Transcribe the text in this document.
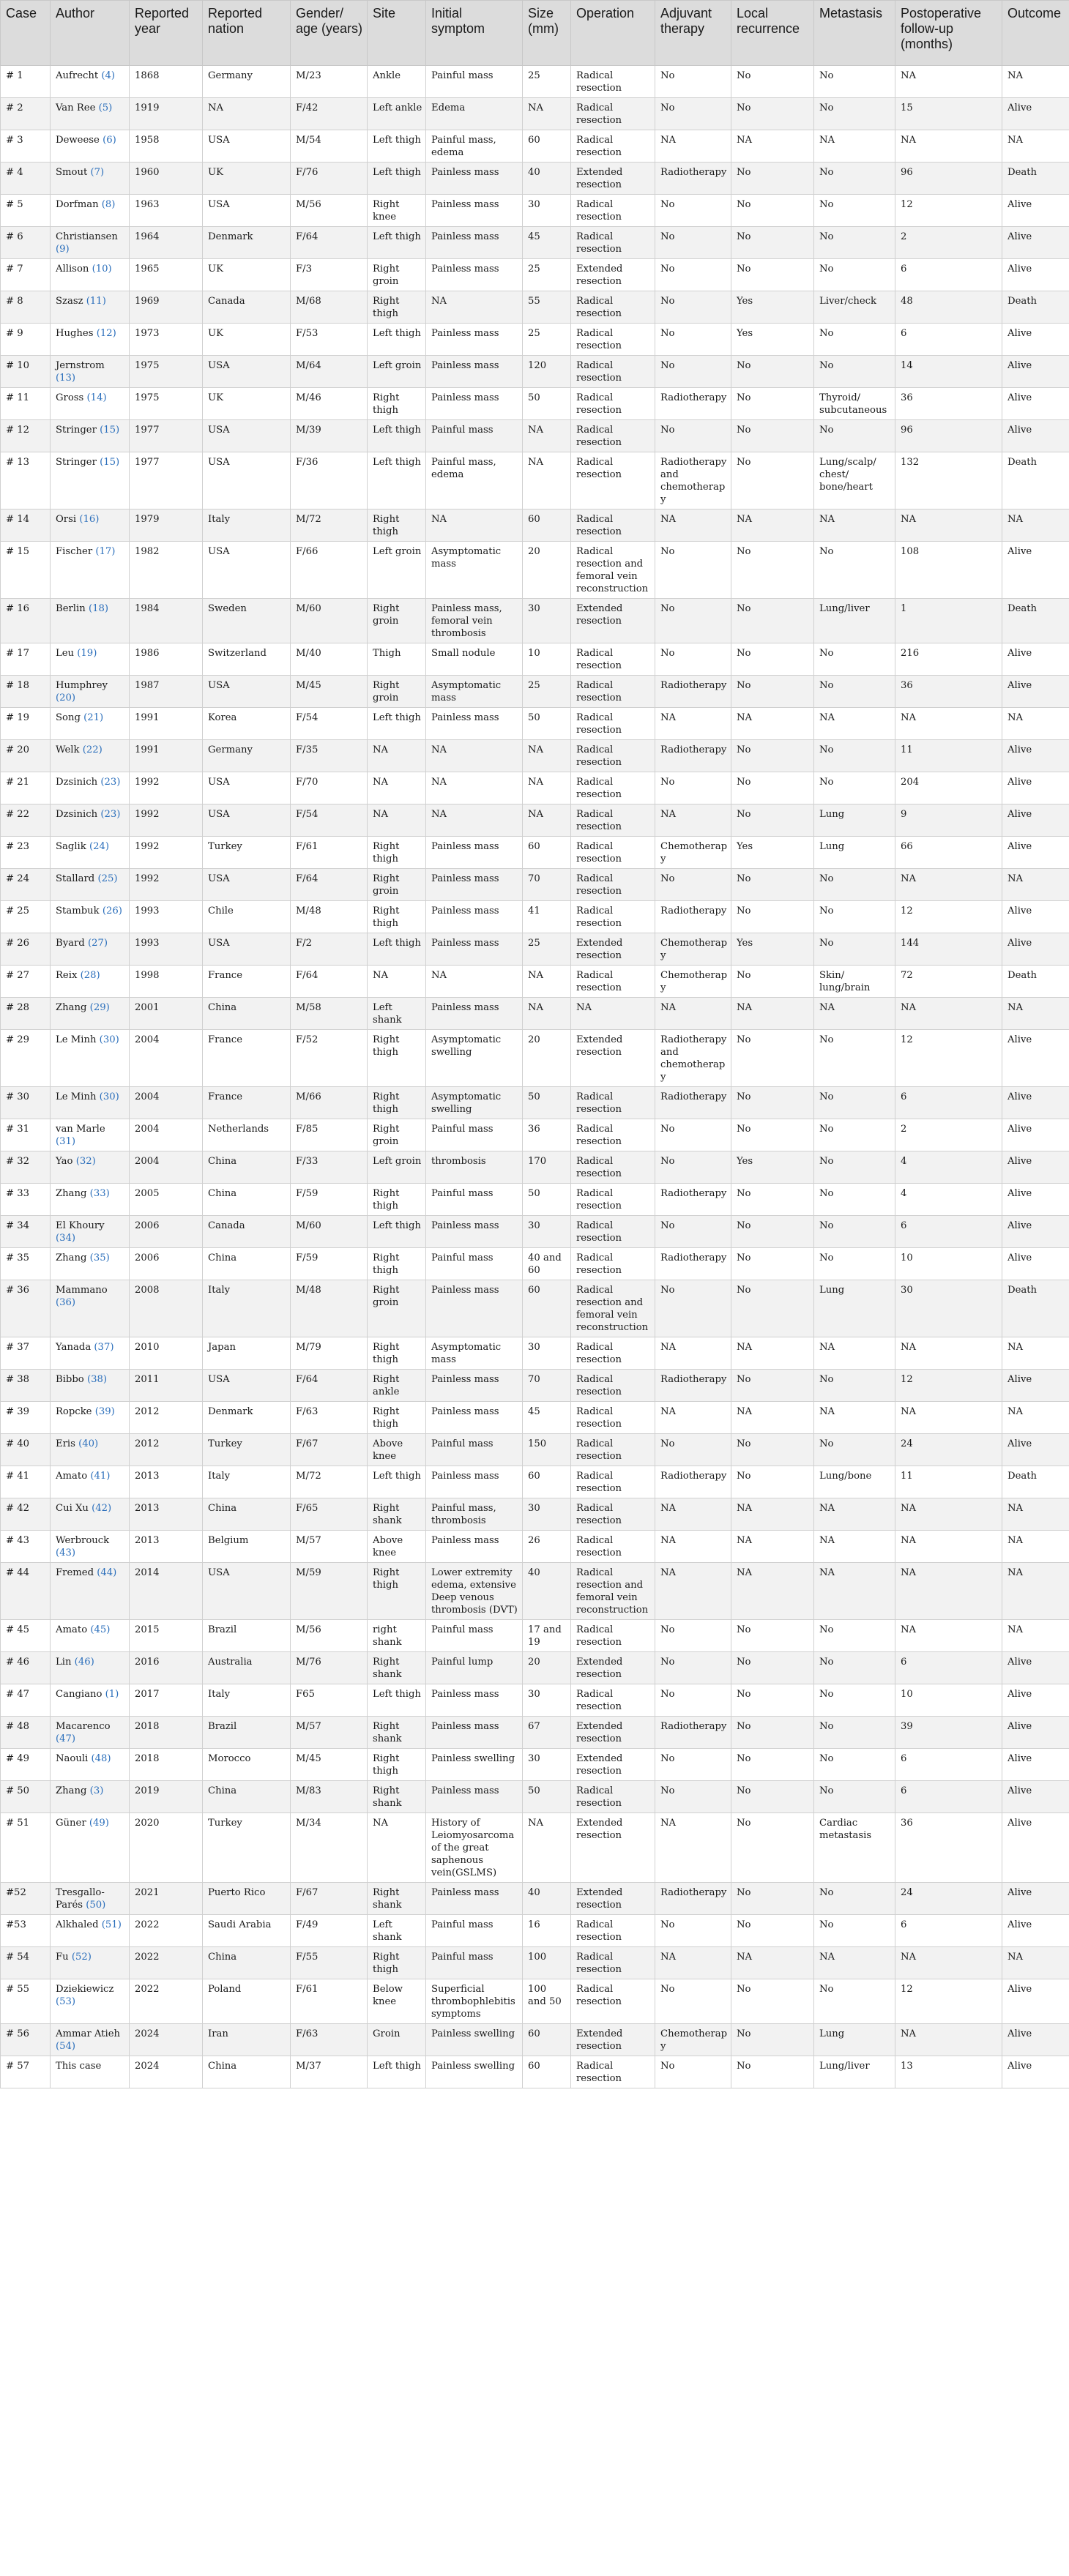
Case	Author	Reported year	Reported nation	Gender/ age (years)	Site	Initial symptom	Size (mm)	Operation	Adjuvant therapy	Local recurrence	Metastasis	Postoperative follow-up (months)	Outcome
# 1	Aufrecht (4)	1868	Germany	M/23	Ankle	Painful mass	25	Radical resection	No	No	No	NA	NA
# 2	Van Ree (5)	1919	NA	F/42	Left ankle	Edema	NA	Radical resection	No	No	No	15	Alive
# 3	Deweese (6)	1958	USA	M/54	Left thigh	Painful mass, edema	60	Radical resection	NA	NA	NA	NA	NA
# 4	Smout (7)	1960	UK	F/76	Left thigh	Painless mass	40	Extended resection	Radiotherapy	No	No	96	Death
# 5	Dorfman (8)	1963	USA	M/56	Right knee	Painless mass	30	Radical resection	No	No	No	12	Alive
# 6	Christiansen (9)	1964	Denmark	F/64	Left thigh	Painless mass	45	Radical resection	No	No	No	2	Alive
# 7	Allison (10)	1965	UK	F/3	Right groin	Painless mass	25	Extended resection	No	No	No	6	Alive
# 8	Szasz (11)	1969	Canada	M/68	Right thigh	NA	55	Radical resection	No	Yes	Liver/check	48	Death
# 9	Hughes (12)	1973	UK	F/53	Left thigh	Painless mass	25	Radical resection	No	Yes	No	6	Alive
# 10	Jernstrom (13)	1975	USA	M/64	Left groin	Painless mass	120	Radical resection	No	No	No	14	Alive
# 11	Gross (14)	1975	UK	M/46	Right thigh	Painless mass	50	Radical resection	Radiotherapy	No	Thyroid/ subcutaneous	36	Alive
# 12	Stringer (15)	1977	USA	M/39	Left thigh	Painful mass	NA	Radical resection	No	No	No	96	Alive
# 13	Stringer (15)	1977	USA	F/36	Left thigh	Painful mass, edema	NA	Radical resection	Radiotherapy and chemotherapy	No	Lung/scalp/ chest/ bone/heart	132	Death
# 14	Orsi (16)	1979	Italy	M/72	Right thigh	NA	60	Radical resection	NA	NA	NA	NA	NA
# 15	Fischer (17)	1982	USA	F/66	Left groin	Asymptomatic mass	20	Radical resection and femoral vein reconstruction	No	No	No	108	Alive
# 16	Berlin (18)	1984	Sweden	M/60	Right groin	Painless mass, femoral vein thrombosis	30	Extended resection	No	No	Lung/liver	1	Death
# 17	Leu (19)	1986	Switzerland	M/40	Thigh	Small nodule	10	Radical resection	No	No	No	216	Alive
# 18	Humphrey (20)	1987	USA	M/45	Right groin	Asymptomatic mass	25	Radical resection	Radiotherapy	No	No	36	Alive
# 19	Song (21)	1991	Korea	F/54	Left thigh	Painless mass	50	Radical resection	NA	NA	NA	NA	NA
# 20	Welk (22)	1991	Germany	F/35	NA	NA	NA	Radical resection	Radiotherapy	No	No	11	Alive
# 21	Dzsinich (23)	1992	USA	F/70	NA	NA	NA	Radical resection	No	No	No	204	Alive
# 22	Dzsinich (23)	1992	USA	F/54	NA	NA	NA	Radical resection	NA	No	Lung	9	Alive
# 23	Saglik (24)	1992	Turkey	F/61	Right thigh	Painless mass	60	Radical resection	Chemotherapy	Yes	Lung	66	Alive
# 24	Stallard (25)	1992	USA	F/64	Right groin	Painless mass	70	Radical resection	No	No	No	NA	NA
# 25	Stambuk (26)	1993	Chile	M/48	Right thigh	Painless mass	41	Radical resection	Radiotherapy	No	No	12	Alive
# 26	Byard (27)	1993	USA	F/2	Left thigh	Painless mass	25	Extended resection	Chemotherapy	Yes	No	144	Alive
# 27	Reix (28)	1998	France	F/64	NA	NA	NA	Radical resection	Chemotherapy	No	Skin/ lung/brain	72	Death
# 28	Zhang (29)	2001	China	M/58	Left shank	Painless mass	NA	NA	NA	NA	NA	NA	NA
# 29	Le Minh (30)	2004	France	F/52	Right thigh	Asymptomatic swelling	20	Extended resection	Radiotherapy and chemotherapy	No	No	12	Alive
# 30	Le Minh (30)	2004	France	M/66	Right thigh	Asymptomatic swelling	50	Radical resection	Radiotherapy	No	No	6	Alive
# 31	van Marle (31)	2004	Netherlands	F/85	Right groin	Painful mass	36	Radical resection	No	No	No	2	Alive
# 32	Yao (32)	2004	China	F/33	Left groin	thrombosis	170	Radical resection	No	Yes	No	4	Alive
# 33	Zhang (33)	2005	China	F/59	Right thigh	Painful mass	50	Radical resection	Radiotherapy	No	No	4	Alive
# 34	El Khoury (34)	2006	Canada	M/60	Left thigh	Painless mass	30	Radical resection	No	No	No	6	Alive
# 35	Zhang (35)	2006	China	F/59	Right thigh	Painful mass	40 and 60	Radical resection	Radiotherapy	No	No	10	Alive
# 36	Mammano (36)	2008	Italy	M/48	Right groin	Painless mass	60	Radical resection and femoral vein reconstruction	No	No	Lung	30	Death
# 37	Yanada (37)	2010	Japan	M/79	Right thigh	Asymptomatic mass	30	Radical resection	NA	NA	NA	NA	NA
# 38	Bibbo (38)	2011	USA	F/64	Right ankle	Painless mass	70	Radical resection	Radiotherapy	No	No	12	Alive
# 39	Ropcke (39)	2012	Denmark	F/63	Right thigh	Painless mass	45	Radical resection	NA	NA	NA	NA	NA
# 40	Eris (40)	2012	Turkey	F/67	Above knee	Painful mass	150	Radical resection	No	No	No	24	Alive
# 41	Amato (41)	2013	Italy	M/72	Left thigh	Painless mass	60	Radical resection	Radiotherapy	No	Lung/bone	11	Death
# 42	Cui Xu (42)	2013	China	F/65	Right shank	Painful mass, thrombosis	30	Radical resection	NA	NA	NA	NA	NA
# 43	Werbrouck (43)	2013	Belgium	M/57	Above knee	Painless mass	26	Radical resection	NA	NA	NA	NA	NA
# 44	Fremed (44)	2014	USA	M/59	Right thigh	Lower extremity edema, extensive Deep venous thrombosis (DVT)	40	Radical resection and femoral vein reconstruction	NA	NA	NA	NA	NA
# 45	Amato (45)	2015	Brazil	M/56	right shank	Painful mass	17 and 19	Radical resection	No	No	No	NA	NA
# 46	Lin (46)	2016	Australia	M/76	Right shank	Painful lump	20	Extended resection	No	No	No	6	Alive
# 47	Cangiano (1)	2017	Italy	F65	Left thigh	Painless mass	30	Radical resection	No	No	No	10	Alive
# 48	Macarenco (47)	2018	Brazil	M/57	Right shank	Painless mass	67	Extended resection	Radiotherapy	No	No	39	Alive
# 49	Naouli (48)	2018	Morocco	M/45	Right thigh	Painless swelling	30	Extended resection	No	No	No	6	Alive
# 50	Zhang (3)	2019	China	M/83	Right shank	Painless mass	50	Radical resection	No	No	No	6	Alive
# 51	Güner (49)	2020	Turkey	M/34	NA	History of Leiomyosarcoma of the great saphenous vein(GSLMS)	NA	Extended resection	NA	No	Cardiac metastasis	36	Alive
#52	Tresgallo-Parés (50)	2021	Puerto Rico	F/67	Right shank	Painless mass	40	Extended resection	Radiotherapy	No	No	24	Alive
#53	Alkhaled (51)	2022	Saudi Arabia	F/49	Left shank	Painful mass	16	Radical resection	No	No	No	6	Alive
# 54	Fu (52)	2022	China	F/55	Right thigh	Painful mass	100	Radical resection	NA	NA	NA	NA	NA
# 55	Dziekiewicz (53)	2022	Poland	F/61	Below knee	Superficial thrombophlebitis symptoms	100 and 50	Radical resection	No	No	No	12	Alive
# 56	Ammar Atieh (54)	2024	Iran	F/63	Groin	Painless swelling	60	Extended resection	Chemotherapy	No	Lung	NA	Alive
# 57	This case	2024	China	M/37	Left thigh	Painless swelling	60	Radical resection	No	No	Lung/liver	13	Alive
